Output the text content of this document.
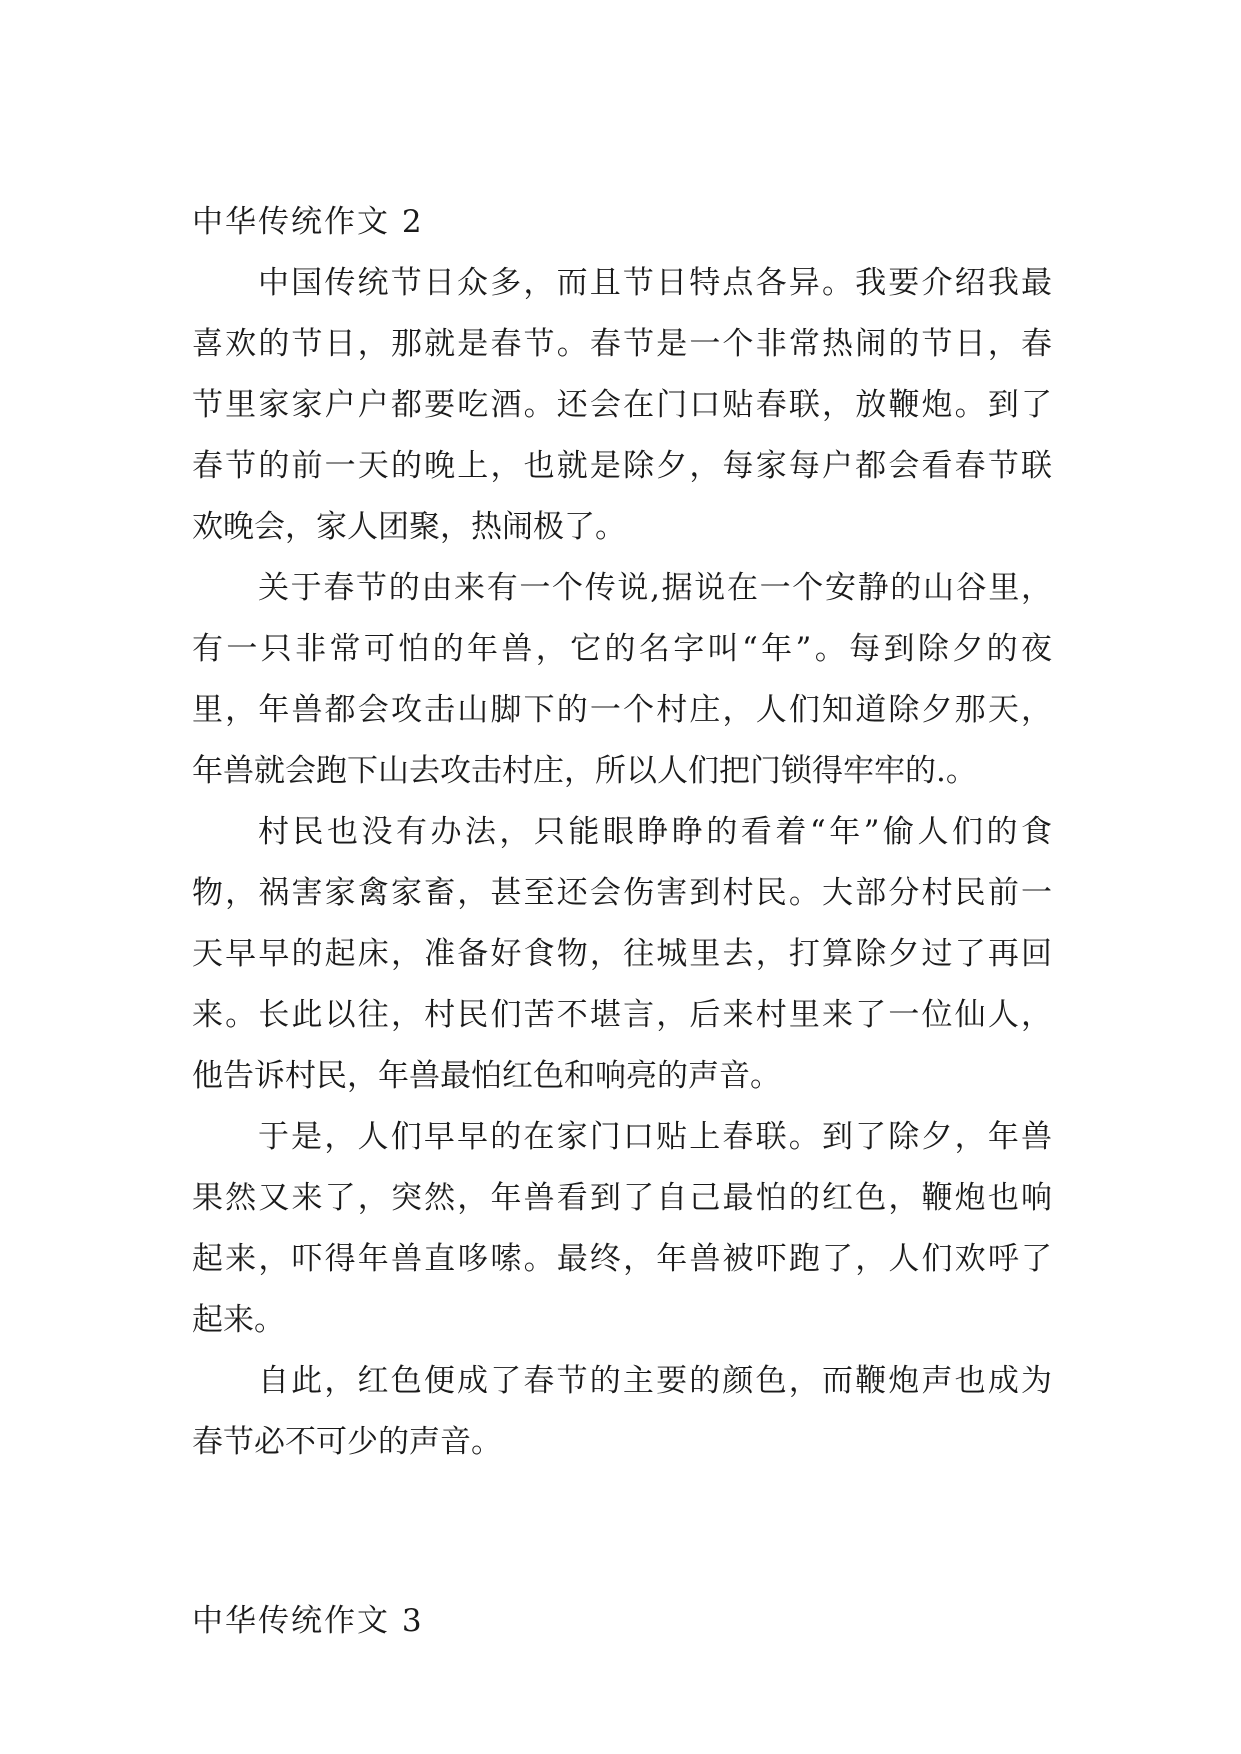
中华传统作文 2
中国传统节日众多，而且节日特点各异。我要介绍我最
喜欢的节日，那就是春节。春节是一个非常热闹的节日，春
节里家家户户都要吃酒。还会在门口贴春联，放鞭炮。到了
春节的前一天的晚上，也就是除夕，每家每户都会看春节联
欢晚会，家人团聚，热闹极了。
关于春节的由来有一个传说,据说在一个安静的山谷里，
有一只非常可怕的年兽，它的名字叫“年”。每到除夕的夜
里，年兽都会攻击山脚下的一个村庄，人们知道除夕那天，
年兽就会跑下山去攻击村庄，所以人们把门锁得牢牢的.。
村民也没有办法，只能眼睁睁的看着“年”偷人们的食
物，祸害家禽家畜，甚至还会伤害到村民。大部分村民前一
天早早的起床，准备好食物，往城里去，打算除夕过了再回
来。长此以往，村民们苦不堪言，后来村里来了一位仙人，
他告诉村民，年兽最怕红色和响亮的声音。
于是，人们早早的在家门口贴上春联。到了除夕，年兽
果然又来了，突然，年兽看到了自己最怕的红色，鞭炮也响
起来，吓得年兽直哆嗦。最终，年兽被吓跑了，人们欢呼了
起来。
自此，红色便成了春节的主要的颜色，而鞭炮声也成为
春节必不可少的声音。
中华传统作文 3
